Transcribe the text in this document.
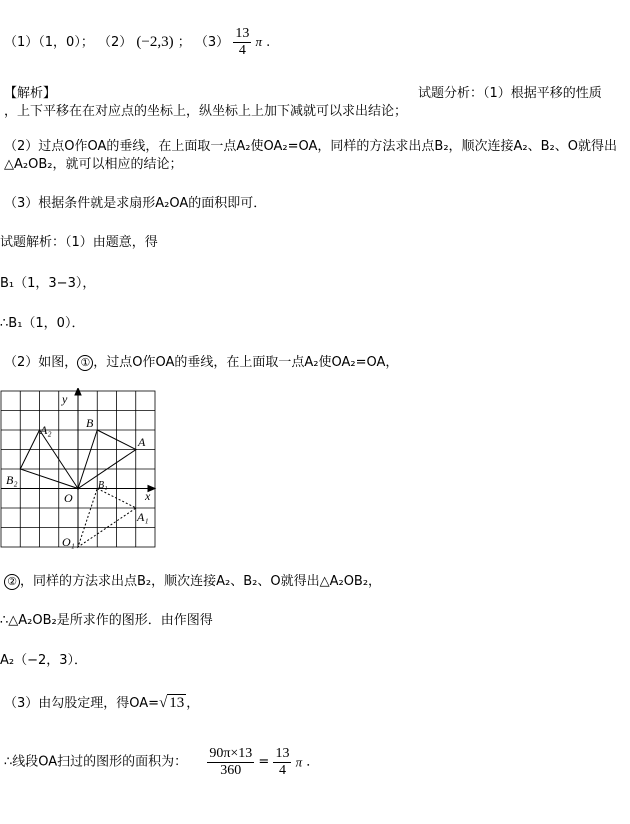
（1）（1，0）； （2） (−2,3) ； $(3) \frac{13}{4}$ π .
【解析】	试题分析：（1）根据平移的性质
，上下平移在在对应点的坐标上，纵坐标上上加下减就可以求出结论；
（2）过点O作OA的垂线，在上面取一点A₂使OA₂=OA，同样的方法求出点B₂，顺次连接A₂、B₂、O就得出
△A₂OB₂，就可以相应的结论；
（3）根据条件就是求扇形A₂OA的面积即可．
试题解析：（1）由题意，得
B₁（1，3−3），
∴B₁（1，0）．
（2）如图， ① ，过点O作OA的垂线，在上面取一点A₂使OA₂=OA，
y
x
O
A
B
A₂
B₂	B₁
A₁
O₁
② ，同样的方法求出点B₂，顺次连接A₂、B₂、O就得出△A₂OB₂，
∴△A₂OB₂是所求作的图形．由作图得
A₂（−2，3）．
（3）由勾股定理，得OA=√ 13 ，
∴线段OA扫过的图形的面积为： $\frac{90\pi\times 13}{360} = \frac{13}{4}$ π ．
